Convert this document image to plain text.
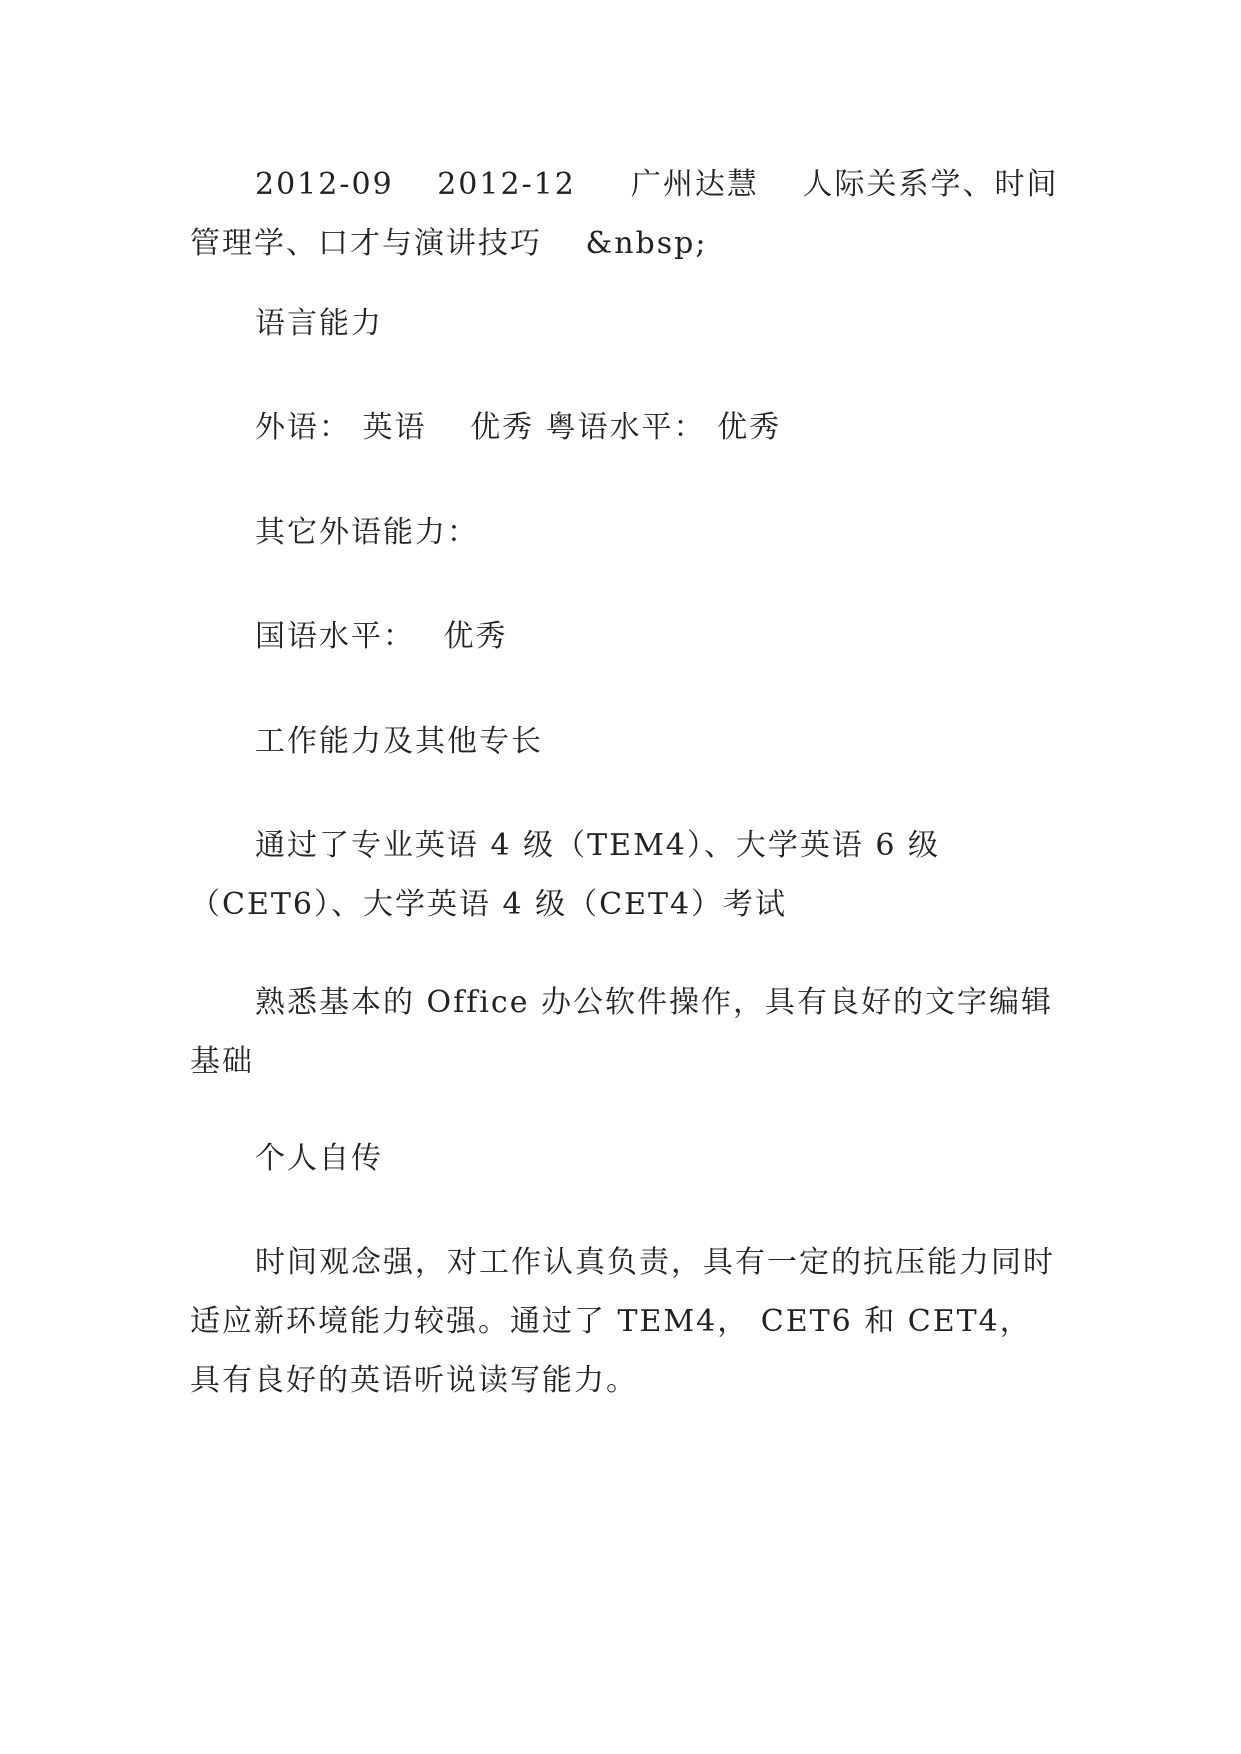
2012-09　 2012-12　  广州达慧　 人际关系学、时间管理学、口才与演讲技巧　 &nbsp;

语言能力

外语： 英语　 优秀 粤语水平： 优秀

其它外语能力：

国语水平：　 优秀

工作能力及其他专长

通过了专业英语 4 级（TEM4）、大学英语 6 级（CET6）、大学英语 4 级（CET4）考试

熟悉基本的 Office 办公软件操作，具有良好的文字编辑基础

个人自传

时间观念强，对工作认真负责，具有一定的抗压能力同时适应新环境能力较强。通过了 TEM4， CET6 和 CET4，具有良好的英语听说读写能力。
